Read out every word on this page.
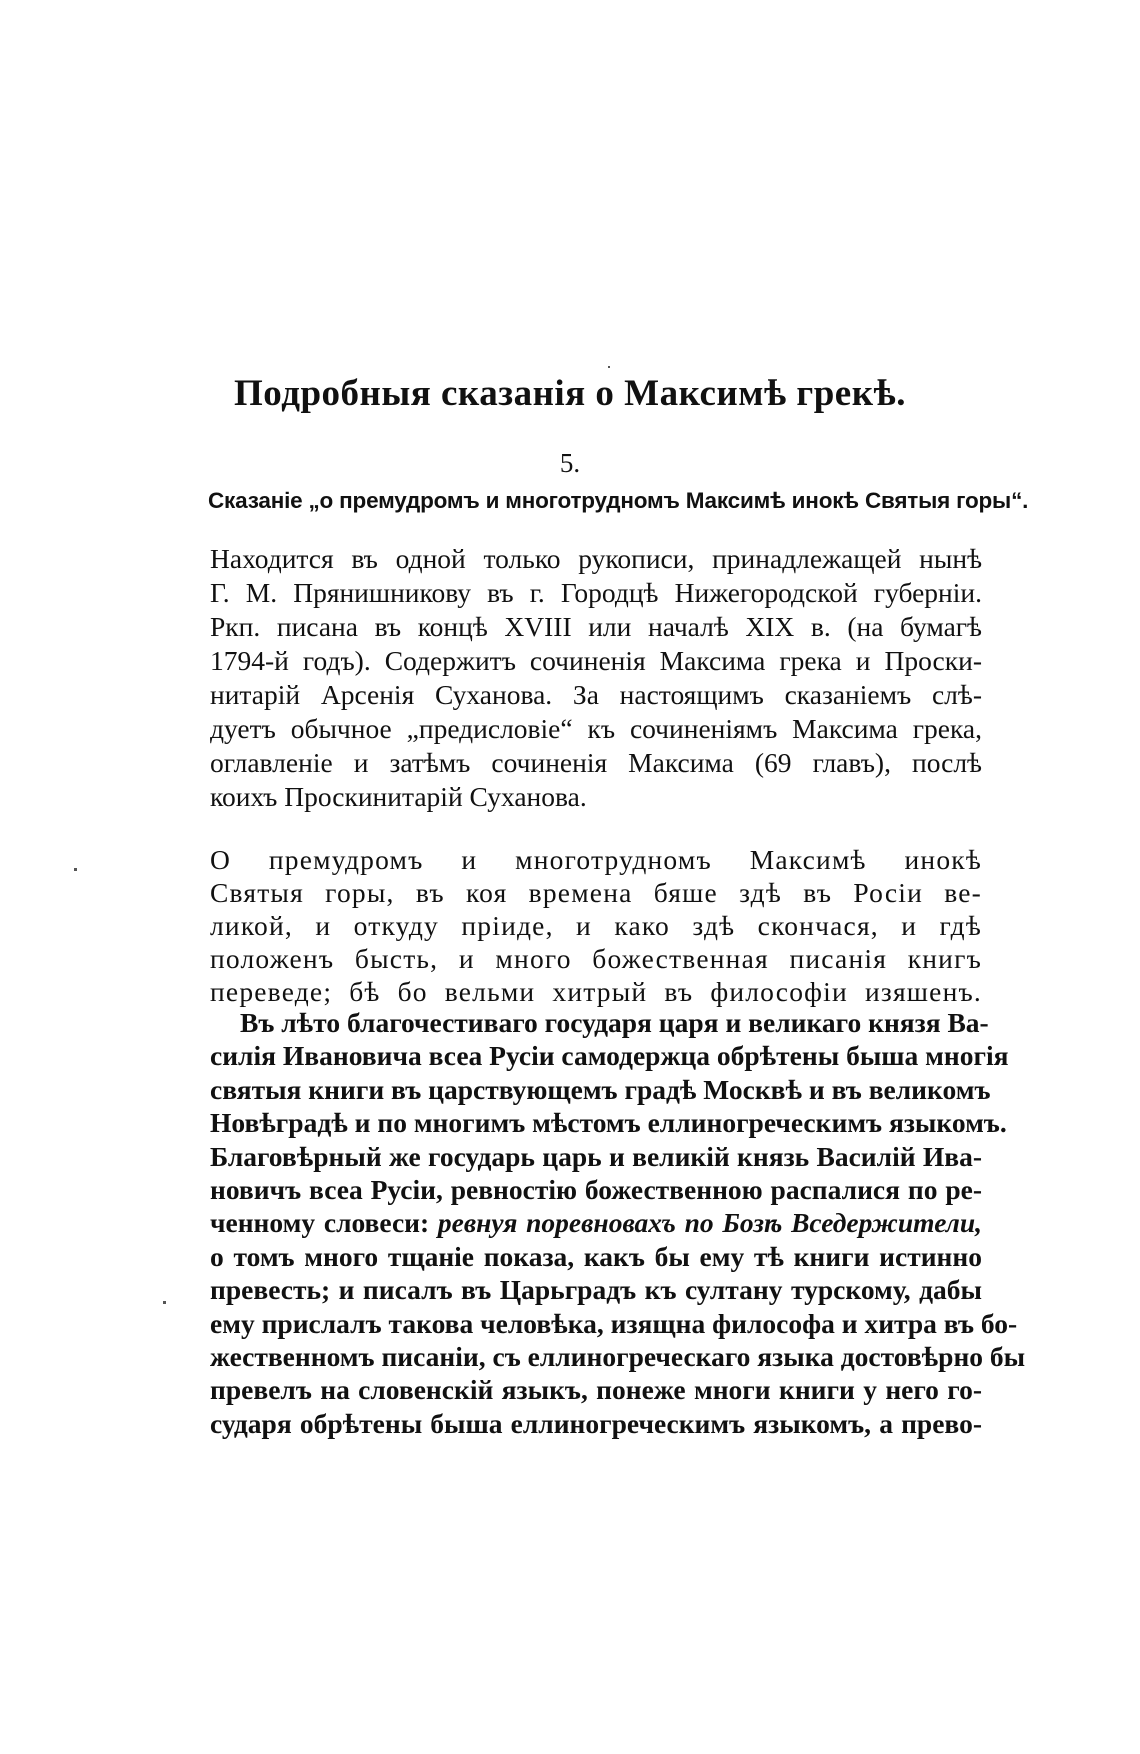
Подробныя сказанія о Максимѣ грекѣ.
5.
Сказаніе „о премудромъ и многотрудномъ Максимѣ инокѣ Святыя горы“.
Находится въ одной только рукописи, принадлежащей нынѣ
Г. М. Прянишникову въ г. Городцѣ Нижегородской губерніи.
Ркп. писана въ концѣ XVIII или началѣ XIX в. (на бумагѣ
1794-й годъ). Содержитъ сочиненія Максима грека и Проски-
нитарій Арсенія Суханова. За настоящимъ сказаніемъ слѣ-
дуетъ обычное „предисловіе“ къ сочиненіямъ Максима грека,
оглавленіе и затѣмъ сочиненія Максима (69 главъ), послѣ
коихъ Проскинитарій Суханова.
О премудромъ и многотрудномъ Максимѣ инокѣ
Святыя горы, въ коя времена бяше здѣ въ Росіи ве-
ликой, и откуду пріиде, и како здѣ скончася, и гдѣ
положенъ бысть, и много божественная писанія книгъ
переведе; бѣ бо вельми хитрый въ философіи изяшенъ.
Въ лѣто благочестиваго государя царя и великаго князя Ва-
силія Ивановича всеа Русіи самодержца обрѣтены быша многія
святыя книги въ царствующемъ градѣ Москвѣ и въ великомъ
Новѣградѣ и по многимъ мѣстомъ еллиногреческимъ языкомъ.
Благовѣрный же государь царь и великій князь Василій Ива-
новичъ всеа Русіи, ревностію божественною распалися по ре-
ченному словеси: ревнуя поревновахъ по Бозѣ Вседержители,
о томъ много тщаніе показа, какъ бы ему тѣ книги истинно
превесть; и писалъ въ Царьградъ къ султану турскому, дабы
ему прислалъ такова человѣка, изящна философа и хитра въ бо-
жественномъ писаніи, съ еллиногреческаго языка достовѣрно бы
превелъ на словенскій языкъ, понеже многи книги у него го-
сударя обрѣтены быша еллиногреческимъ языкомъ, а прево-
